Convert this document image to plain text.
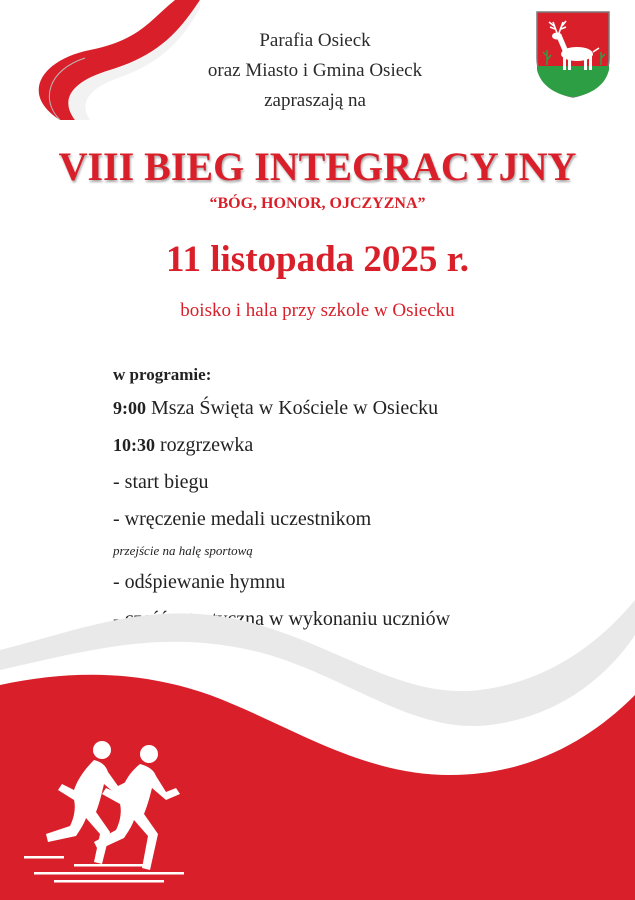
Parafia Osieck
oraz Miasto i Gmina Osieck
zapraszają na
VIII BIEG INTEGRACYJNY
“BÓG, HONOR, OJCZYZNA”
11 listopada 2025 r.
boisko i hala przy szkole w Osiecku
w programie:
9:00 Msza Święta w Kościele w Osiecku
10:30 rozgrzewka
- start biegu
- wręczenie medali uczestnikom
przejście na halę sportową
- odśpiewanie hymnu
- część artystyczna w wykonaniu uczniów
